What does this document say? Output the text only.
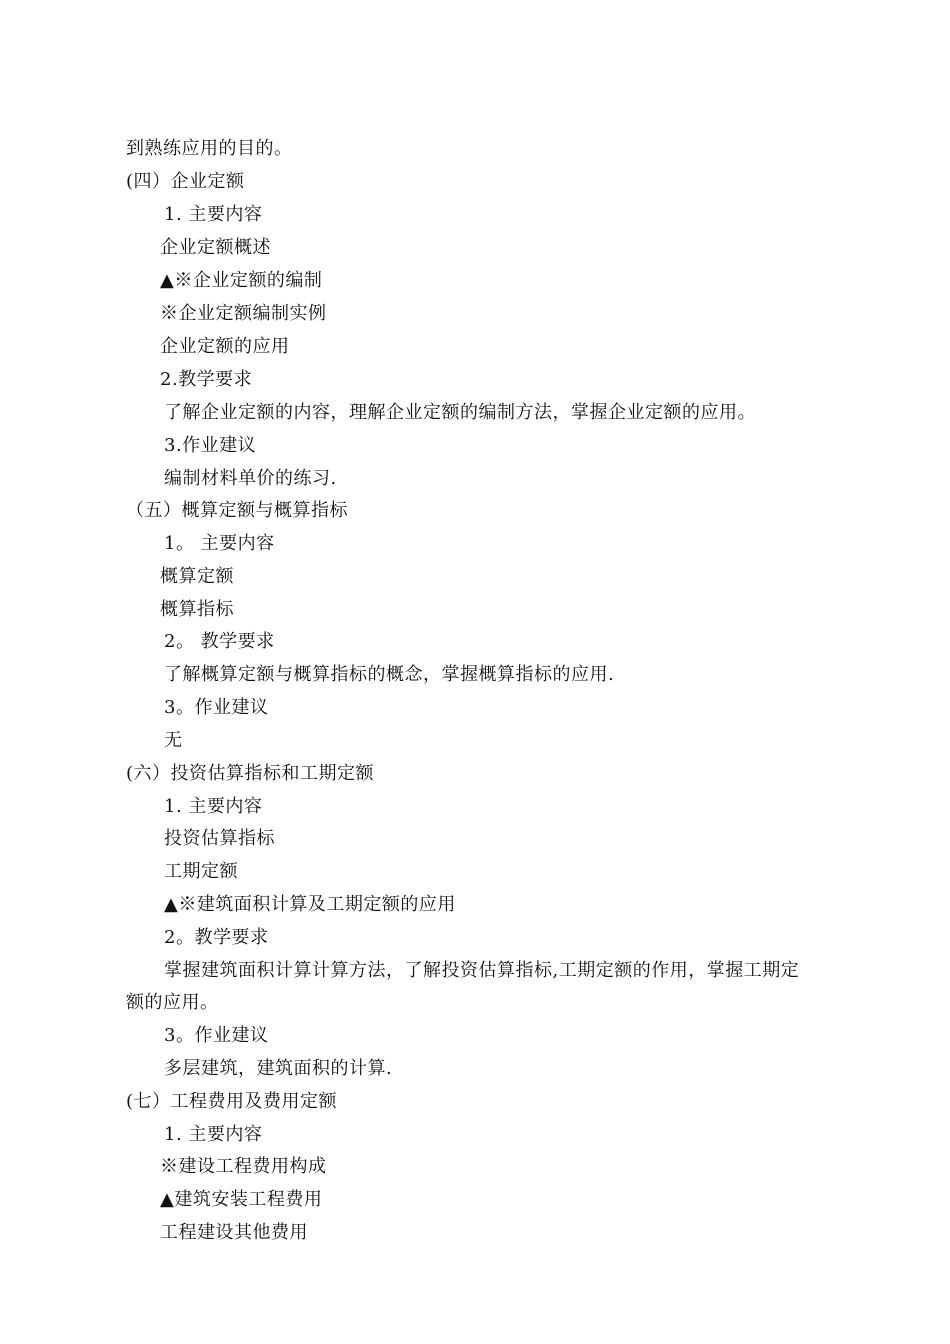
到熟练应用的目的。
(四）企业定额
1. 主要内容
企业定额概述
▲※企业定额的编制
※企业定额编制实例
企业定额的应用
2.教学要求
了解企业定额的内容，理解企业定额的编制方法，掌握企业定额的应用。
3.作业建议
编制材料单价的练习.
（五）概算定额与概算指标
1。 主要内容
概算定额
概算指标
2。 教学要求
了解概算定额与概算指标的概念，掌握概算指标的应用.
3。作业建议
无
(六）投资估算指标和工期定额
1. 主要内容
投资估算指标
工期定额
▲※建筑面积计算及工期定额的应用
2。教学要求
掌握建筑面积计算计算方法，了解投资估算指标,工期定额的作用，掌握工期定
额的应用。
3。作业建议
多层建筑，建筑面积的计算.
(七）工程费用及费用定额
1. 主要内容
※建设工程费用构成
▲建筑安装工程费用
工程建设其他费用
